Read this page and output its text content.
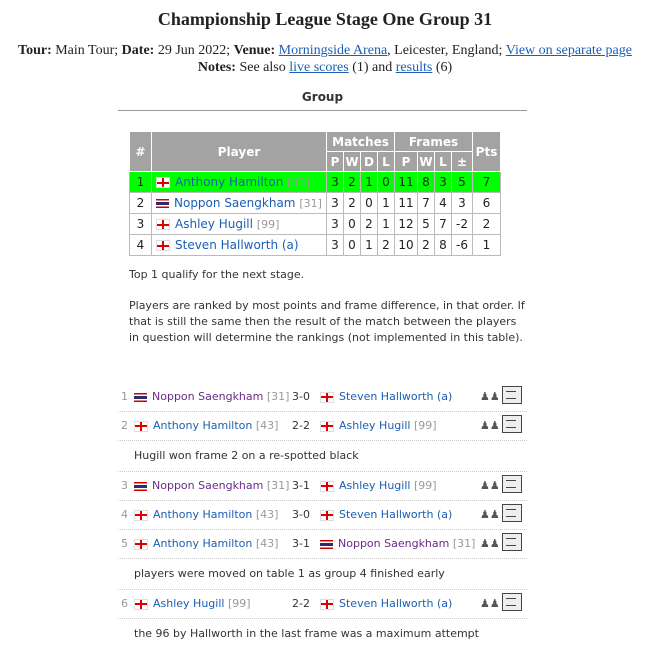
Championship League Stage One Group 31
Tour: Main Tour; Date: 29 Jun 2022; Venue: Morningside Arena, Leicester, England; View on separate page
Notes: See also live scores (1) and results (6)
Group
#	Player	Matches				Frames				Pts
		P	W	D	L	P	W	L	±	
1	Anthony Hamilton [43]	3	2	1	0	11	8	3	5	7
2	Noppon Saengkham [31]	3	2	0	1	11	7	4	3	6
3	Ashley Hugill [99]	3	0	2	1	12	5	7	-2	2
4	Steven Hallworth (a)	3	0	1	2	10	2	8	-6	1
Top 1 qualify for the next stage.
Players are ranked by most points and frame difference, in that order. If that is still the same then the result of the match between the players in question will determine the rankings (not implemented in this table).
1	Noppon Saengkham [31] 3-0	Steven Hallworth (a)	♟♟
2	Anthony Hamilton [43] 2-2	Ashley Hugill [99]	♟♟
Hugill won frame 2 on a re-spotted black
3	Noppon Saengkham [31] 3-1	Ashley Hugill [99]	♟♟
4	Anthony Hamilton [43] 3-0	Steven Hallworth (a)	♟♟
5	Anthony Hamilton [43] 3-1	Noppon Saengkham [31] ♟♟
players were moved on table 1 as group 4 finished early
6	Ashley Hugill [99]	2-2	Steven Hallworth (a)	♟♟
the 96 by Hallworth in the last frame was a maximum attempt
